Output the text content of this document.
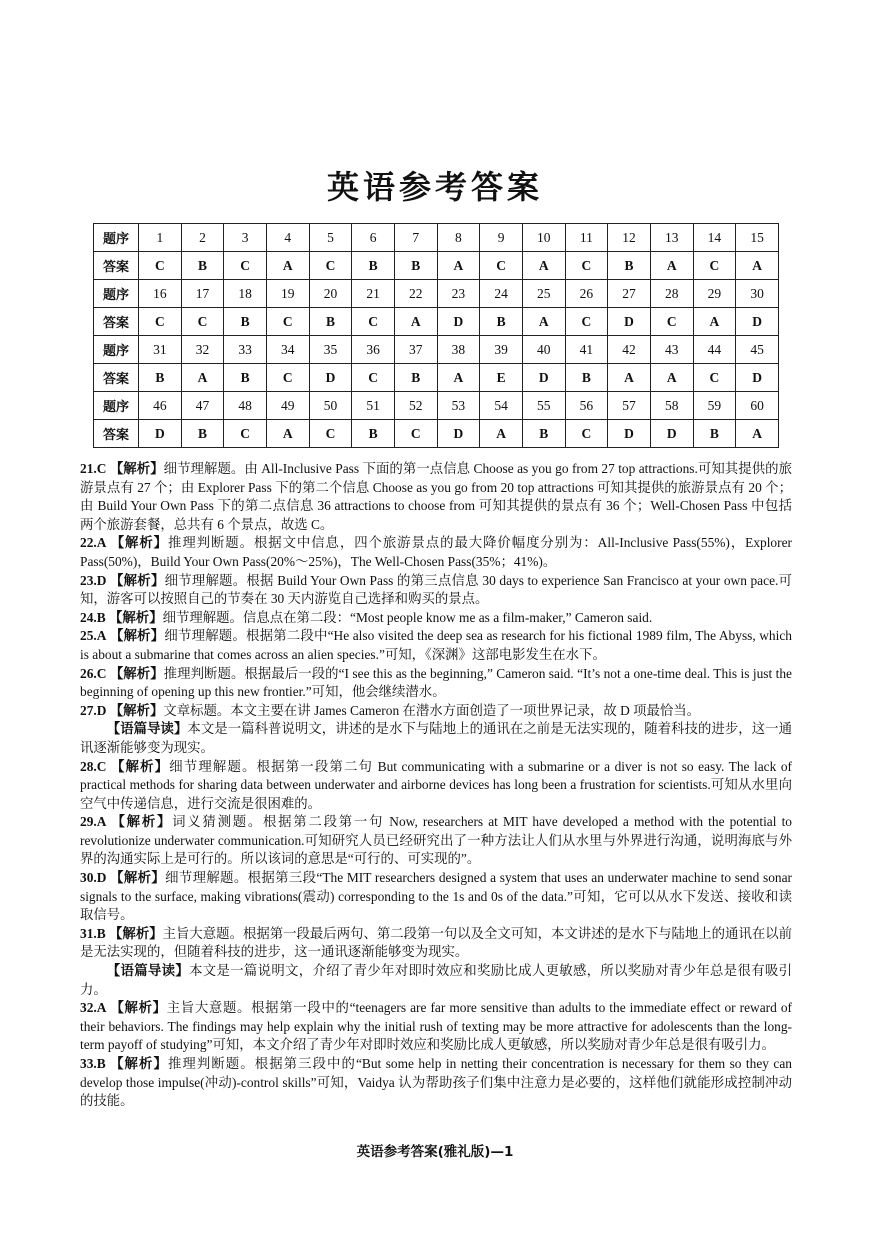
英语参考答案
题序	1	2	3	4	5	6	7	8	9	10	11	12	13	14	15
答案	C	B	C	A	C	B	B	A	C	A	C	B	A	C	A
题序	16	17	18	19	20	21	22	23	24	25	26	27	28	29	30
答案	C	C	B	C	B	C	A	D	B	A	C	D	C	A	D
题序	31	32	33	34	35	36	37	38	39	40	41	42	43	44	45
答案	B	A	B	C	D	C	B	A	E	D	B	A	A	C	D
题序	46	47	48	49	50	51	52	53	54	55	56	57	58	59	60
答案	D	B	C	A	C	B	C	D	A	B	C	D	D	B	A

21.C 【解析】细节理解题。由 All-Inclusive Pass 下面的第一点信息 Choose as you go from 27 top attractions.可知其提供的旅游景点有 27 个；由 Explorer Pass 下的第二个信息 Choose as you go from 20 top attractions 可知其提供的旅游景点有 20 个；由 Build Your Own Pass 下的第二点信息 36 attractions to choose from 可知其提供的景点有 36 个；Well-Chosen Pass 中包括两个旅游套餐，总共有 6 个景点，故选 C。

22.A 【解析】推理判断题。根据文中信息，四个旅游景点的最大降价幅度分别为：All-Inclusive Pass(55%)，Explorer Pass(50%)，Build Your Own Pass(20%～25%)，The Well-Chosen Pass(35%；41%)。

23.D 【解析】细节理解题。根据 Build Your Own Pass 的第三点信息 30 days to experience San Francisco at your own pace.可知，游客可以按照自己的节奏在 30 天内游览自己选择和购买的景点。

24.B 【解析】细节理解题。信息点在第二段：“Most people know me as a film-maker,” Cameron said.

25.A 【解析】细节理解题。根据第二段中“He also visited the deep sea as research for his fictional 1989 film, The Abyss, which is about a submarine that comes across an alien species.”可知，《深渊》这部电影发生在水下。

26.C 【解析】推理判断题。根据最后一段的“I see this as the beginning,” Cameron said. “It’s not a one-time deal. This is just the beginning of opening up this new frontier.”可知，他会继续潜水。

27.D 【解析】文章标题。本文主要在讲 James Cameron 在潜水方面创造了一项世界记录，故 D 项最恰当。

【语篇导读】本文是一篇科普说明文，讲述的是水下与陆地上的通讯在之前是无法实现的，随着科技的进步，这一通讯逐渐能够变为现实。

28.C 【解析】细节理解题。根据第一段第二句 But communicating with a submarine or a diver is not so easy. The lack of practical methods for sharing data between underwater and airborne devices has long been a frustration for scientists.可知从水里向空气中传递信息，进行交流是很困难的。

29.A 【解析】词义猜测题。根据第二段第一句 Now, researchers at MIT have developed a method with the potential to revolutionize underwater communication.可知研究人员已经研究出了一种方法让人们从水里与外界进行沟通，说明海底与外界的沟通实际上是可行的。所以该词的意思是“可行的、可实现的”。

30.D 【解析】细节理解题。根据第三段“The MIT researchers designed a system that uses an underwater machine to send sonar signals to the surface, making vibrations(震动) corresponding to the 1s and 0s of the data.”可知，它可以从水下发送、接收和读取信号。

31.B 【解析】主旨大意题。根据第一段最后两句、第二段第一句以及全文可知，本文讲述的是水下与陆地上的通讯在以前是无法实现的，但随着科技的进步，这一通讯逐渐能够变为现实。

【语篇导读】本文是一篇说明文，介绍了青少年对即时效应和奖励比成人更敏感，所以奖励对青少年总是很有吸引力。

32.A 【解析】主旨大意题。根据第一段中的“teenagers are far more sensitive than adults to the immediate effect or reward of their behaviors. The findings may help explain why the initial rush of texting may be more attractive for adolescents than the long-term payoff of studying”可知，本文介绍了青少年对即时效应和奖励比成人更敏感，所以奖励对青少年总是很有吸引力。

33.B 【解析】推理判断题。根据第三段中的“But some help in netting their concentration is necessary for them so they can develop those impulse(冲动)-control skills”可知，Vaidya 认为帮助孩子们集中注意力是必要的，这样他们就能形成控制冲动的技能。

英语参考答案(雅礼版)—1
